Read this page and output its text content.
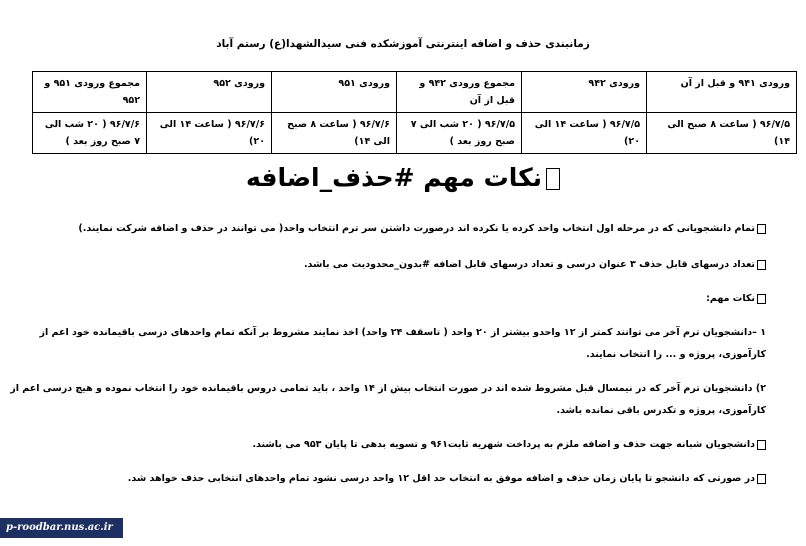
زمانبندی حذف و اضافه اینترنتی آموزشکده فنی سیدالشهدا(ع) رستم آباد
ورودی ۹۴۱ و قبل از آن	ورودی ۹۴۲	مجموع ورودی ۹۴۲ و قبل از آن	ورودی ۹۵۱	ورودی ۹۵۲	مجموع ورودی ۹۵۱ و ۹۵۲
۹۶/۷/۵ ( ساعت ۸ صبح الی ۱۴)	۹۶/۷/۵ ( ساعت ۱۴ الی ۲۰)	۹۶/۷/۵ ( ۲۰ شب الی ۷ صبح روز بعد )	۹۶/۷/۶ ( ساعت ۸ صبح الی ۱۴)	۹۶/۷/۶ ( ساعت ۱۴ الی ۲۰)	۹۶/۷/۶ ( ۲۰ شب الی ۷ صبح روز بعد )
نکات مهم #حذف_اضافه
تمام دانشجویانی که در مرحله اول انتخاب واحد کرده یا نکرده اند درصورت داشتن سر ترم انتخاب واحد( می توانند در حذف و اضافه شرکت نمایند.)
تعداد درسهای قابل حذف ۳ عنوان درسی و تعداد درسهای قابل اضافه #بدون_محدودیت می باشد.
نکات مهم:
۱ –دانشجویان ترم آخر می توانند کمتر از ۱۲ واحدو بیشتر از ۲۰ واحد ( تاسقف ۲۴ واحد) اخذ نمایند مشروط بر آنکه تمام واحدهای درسی باقیمانده خود اعم از کارآموزی، پروژه و ... را انتخاب نمایند.
۲) دانشجویان ترم آخر که در نیمسال قبل مشروط شده اند در صورت انتخاب بیش از ۱۴ واحد ، باید تمامی دروس باقیمانده خود را انتخاب نموده و هیچ درسی اعم از کارآموزی، پروژه و تکدرس باقی نمانده باشد.
دانشجویان شبانه جهت حذف و اضافه ملزم به پرداخت شهریه ثابت۹۶۱ و تسویه بدهی تا پایان ۹۵۳ می باشند.
در صورتی که دانشجو تا پایان زمان حذف و اضافه موفق به انتخاب حد اقل ۱۲ واحد درسی نشود تمام واحدهای انتخابی حذف خواهد شد.
p-roodbar.nus.ac.ir
